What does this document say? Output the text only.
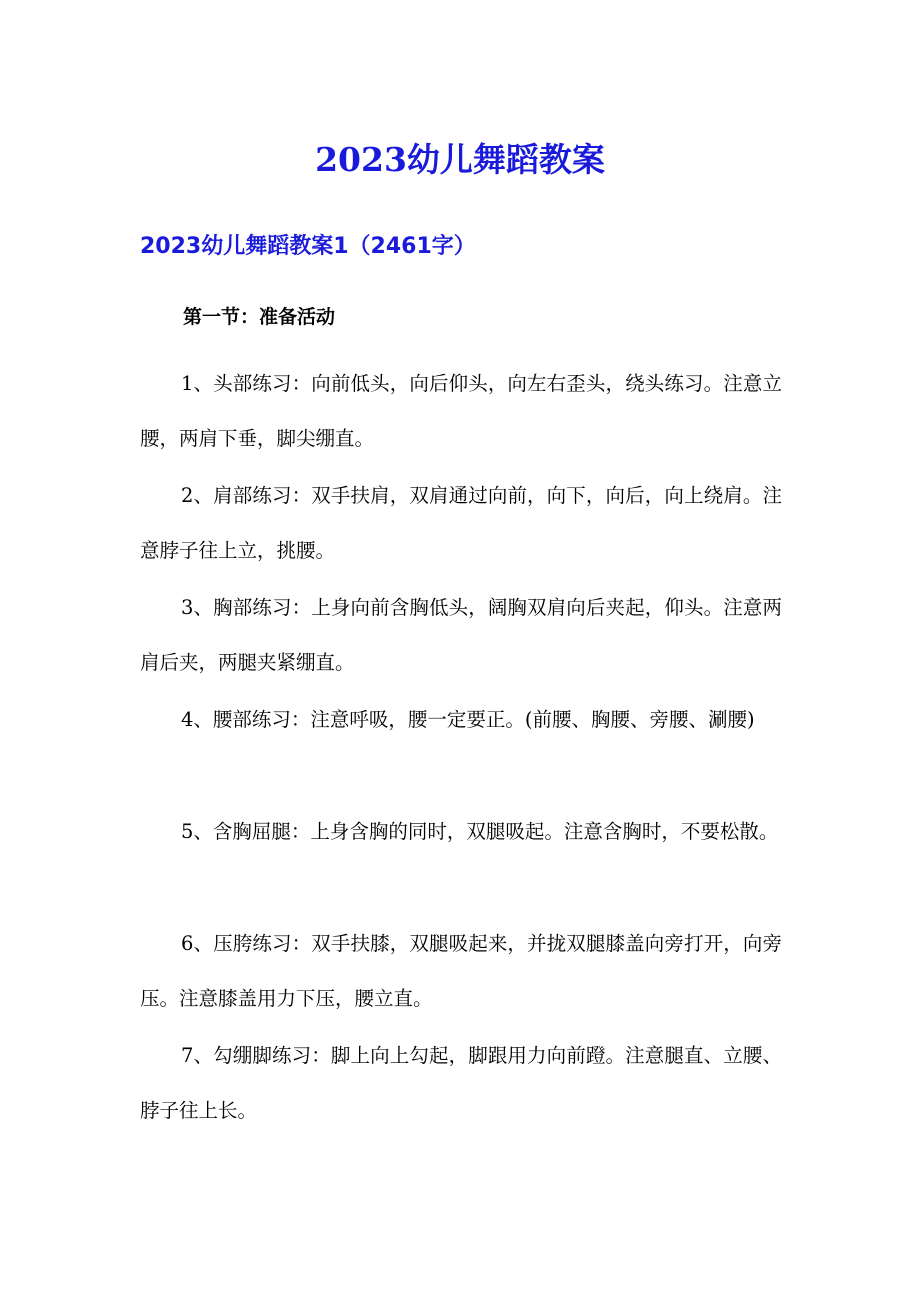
2023幼儿舞蹈教案
2023幼儿舞蹈教案1（2461字）
第一节：准备活动

1、头部练习：向前低头，向后仰头，向左右歪头，绕头练习。注意立腰，两肩下垂，脚尖绷直。

2、肩部练习：双手扶肩，双肩通过向前，向下，向后，向上绕肩。注意脖子往上立，挑腰。

3、胸部练习：上身向前含胸低头，阔胸双肩向后夹起，仰头。注意两肩后夹，两腿夹紧绷直。

4、腰部练习：注意呼吸，腰一定要正。(前腰、胸腰、旁腰、涮腰)

5、含胸屈腿：上身含胸的同时，双腿吸起。注意含胸时，不要松散。

6、压胯练习：双手扶膝，双腿吸起来，并拢双腿膝盖向旁打开，向旁压。注意膝盖用力下压，腰立直。

7、勾绷脚练习：脚上向上勾起，脚跟用力向前蹬。注意腿直、立腰、脖子往上长。
